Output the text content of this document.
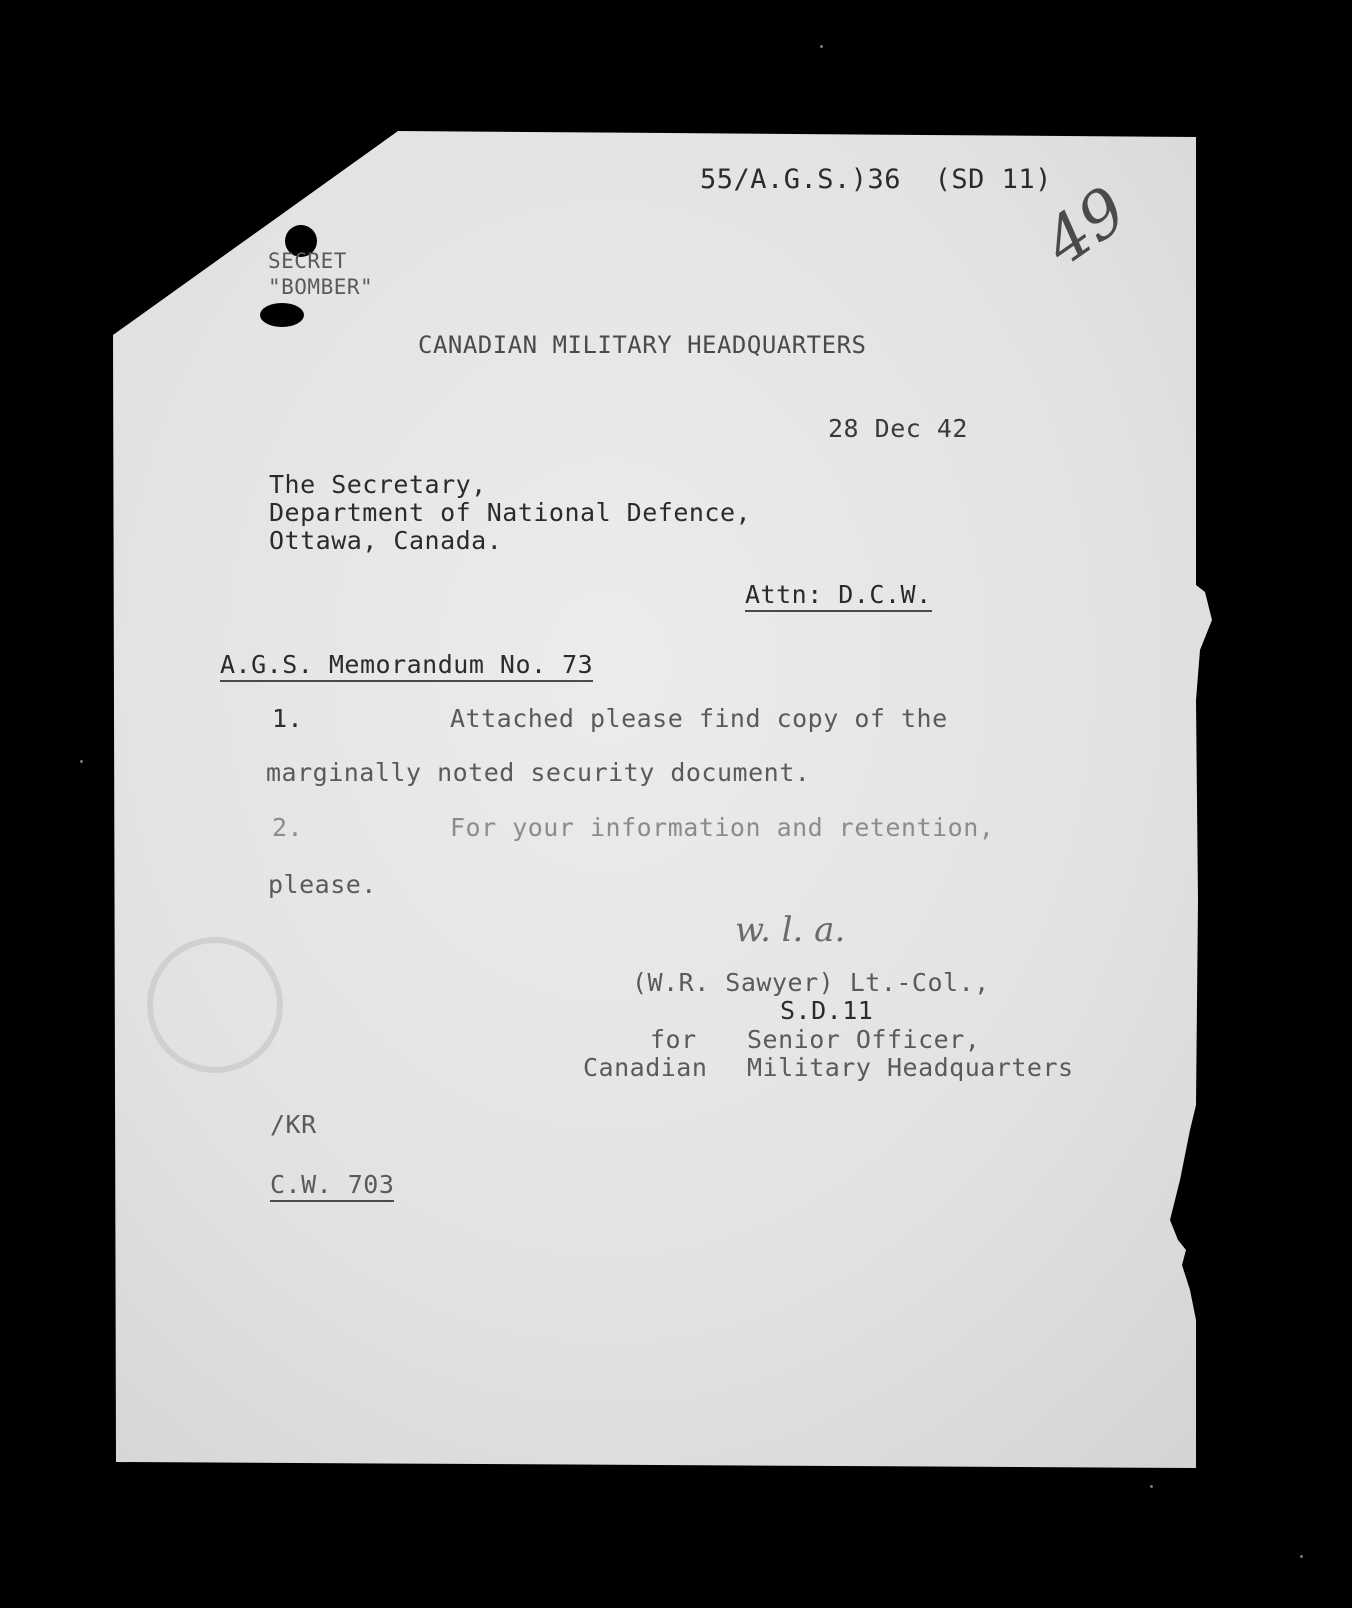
55/A.G.S.)36  (SD 11)
49
SECRET
"BOMBER"
CANADIAN MILITARY HEADQUARTERS
28 Dec 42
The Secretary,
Department of National Defence,
Ottawa, Canada.
Attn: D.C.W.
A.G.S. Memorandum No. 73
1.	Attached please find copy of the
marginally noted security document.
2.	For your information and retention,
please.
w. l. a.
(W.R. Sawyer) Lt.-Col.,
S.D.11
for Senior Officer,
Canadian Military Headquarters
/KR
C.W. 703
